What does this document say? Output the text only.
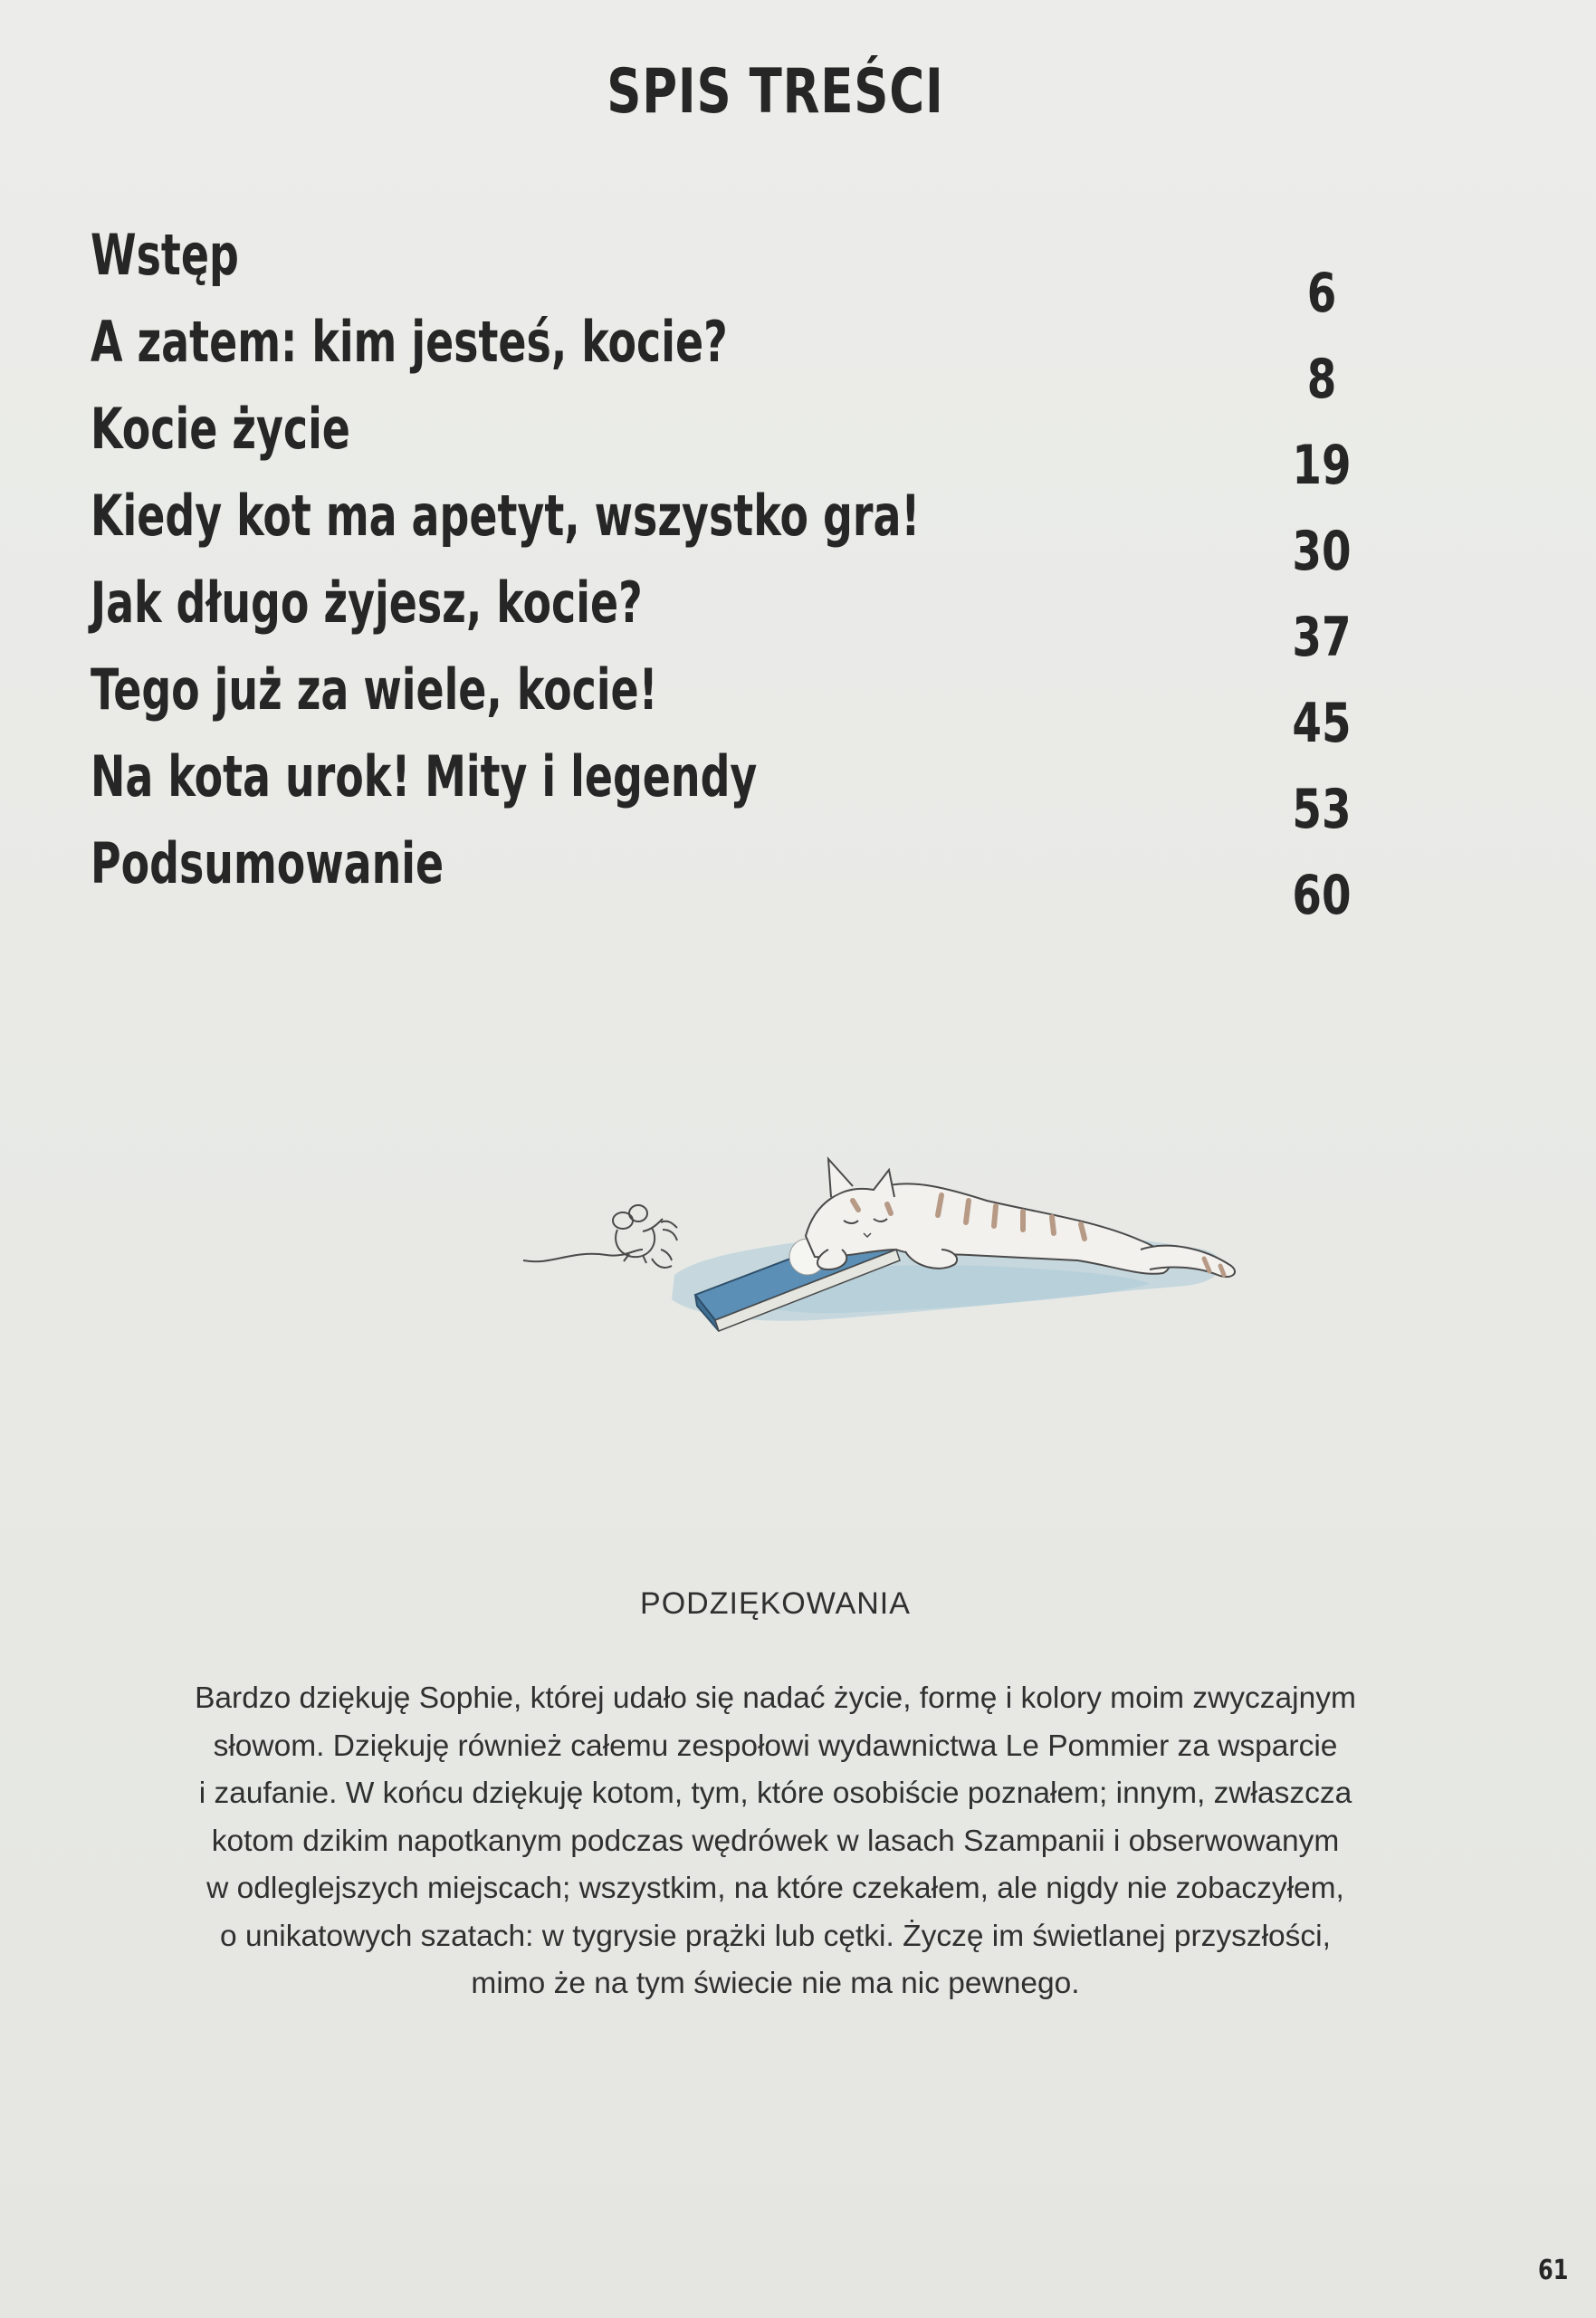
SPIS TREŚCI
Wstęp
A zatem: kim jesteś, kocie?
Kocie życie
Kiedy kot ma apetyt, wszystko gra!
Jak długo żyjesz, kocie?
Tego już za wiele, kocie!
Na kota urok! Mity i legendy
Podsumowanie
6
8
19
30
37
45
53
60
PODZIĘKOWANIA
Bardzo dziękuję Sophie, której udało się nadać życie, formę i kolory moim zwyczajnym
słowom. Dziękuję również całemu zespołowi wydawnictwa Le Pommier za wsparcie
i zaufanie. W końcu dziękuję kotom, tym, które osobiście poznałem; innym, zwłaszcza
kotom dzikim napotkanym podczas wędrówek w lasach Szampanii i obserwowanym
w odleglejszych miejscach; wszystkim, na które czekałem, ale nigdy nie zobaczyłem,
o unikatowych szatach: w tygrysie prążki lub cętki. Życzę im świetlanej przyszłości,
mimo że na tym świecie nie ma nic pewnego.
61
